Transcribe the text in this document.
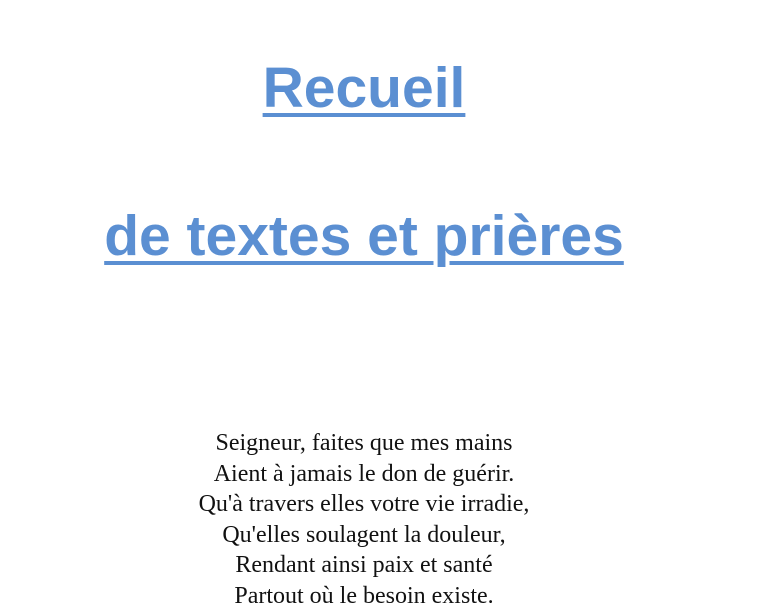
Recueil
de textes et prières
Seigneur, faites que mes mains
Aient à jamais le don de guérir.
Qu'à travers elles votre vie irradie,
Qu'elles soulagent la douleur,
Rendant ainsi paix et santé
Partout où le besoin existe.
